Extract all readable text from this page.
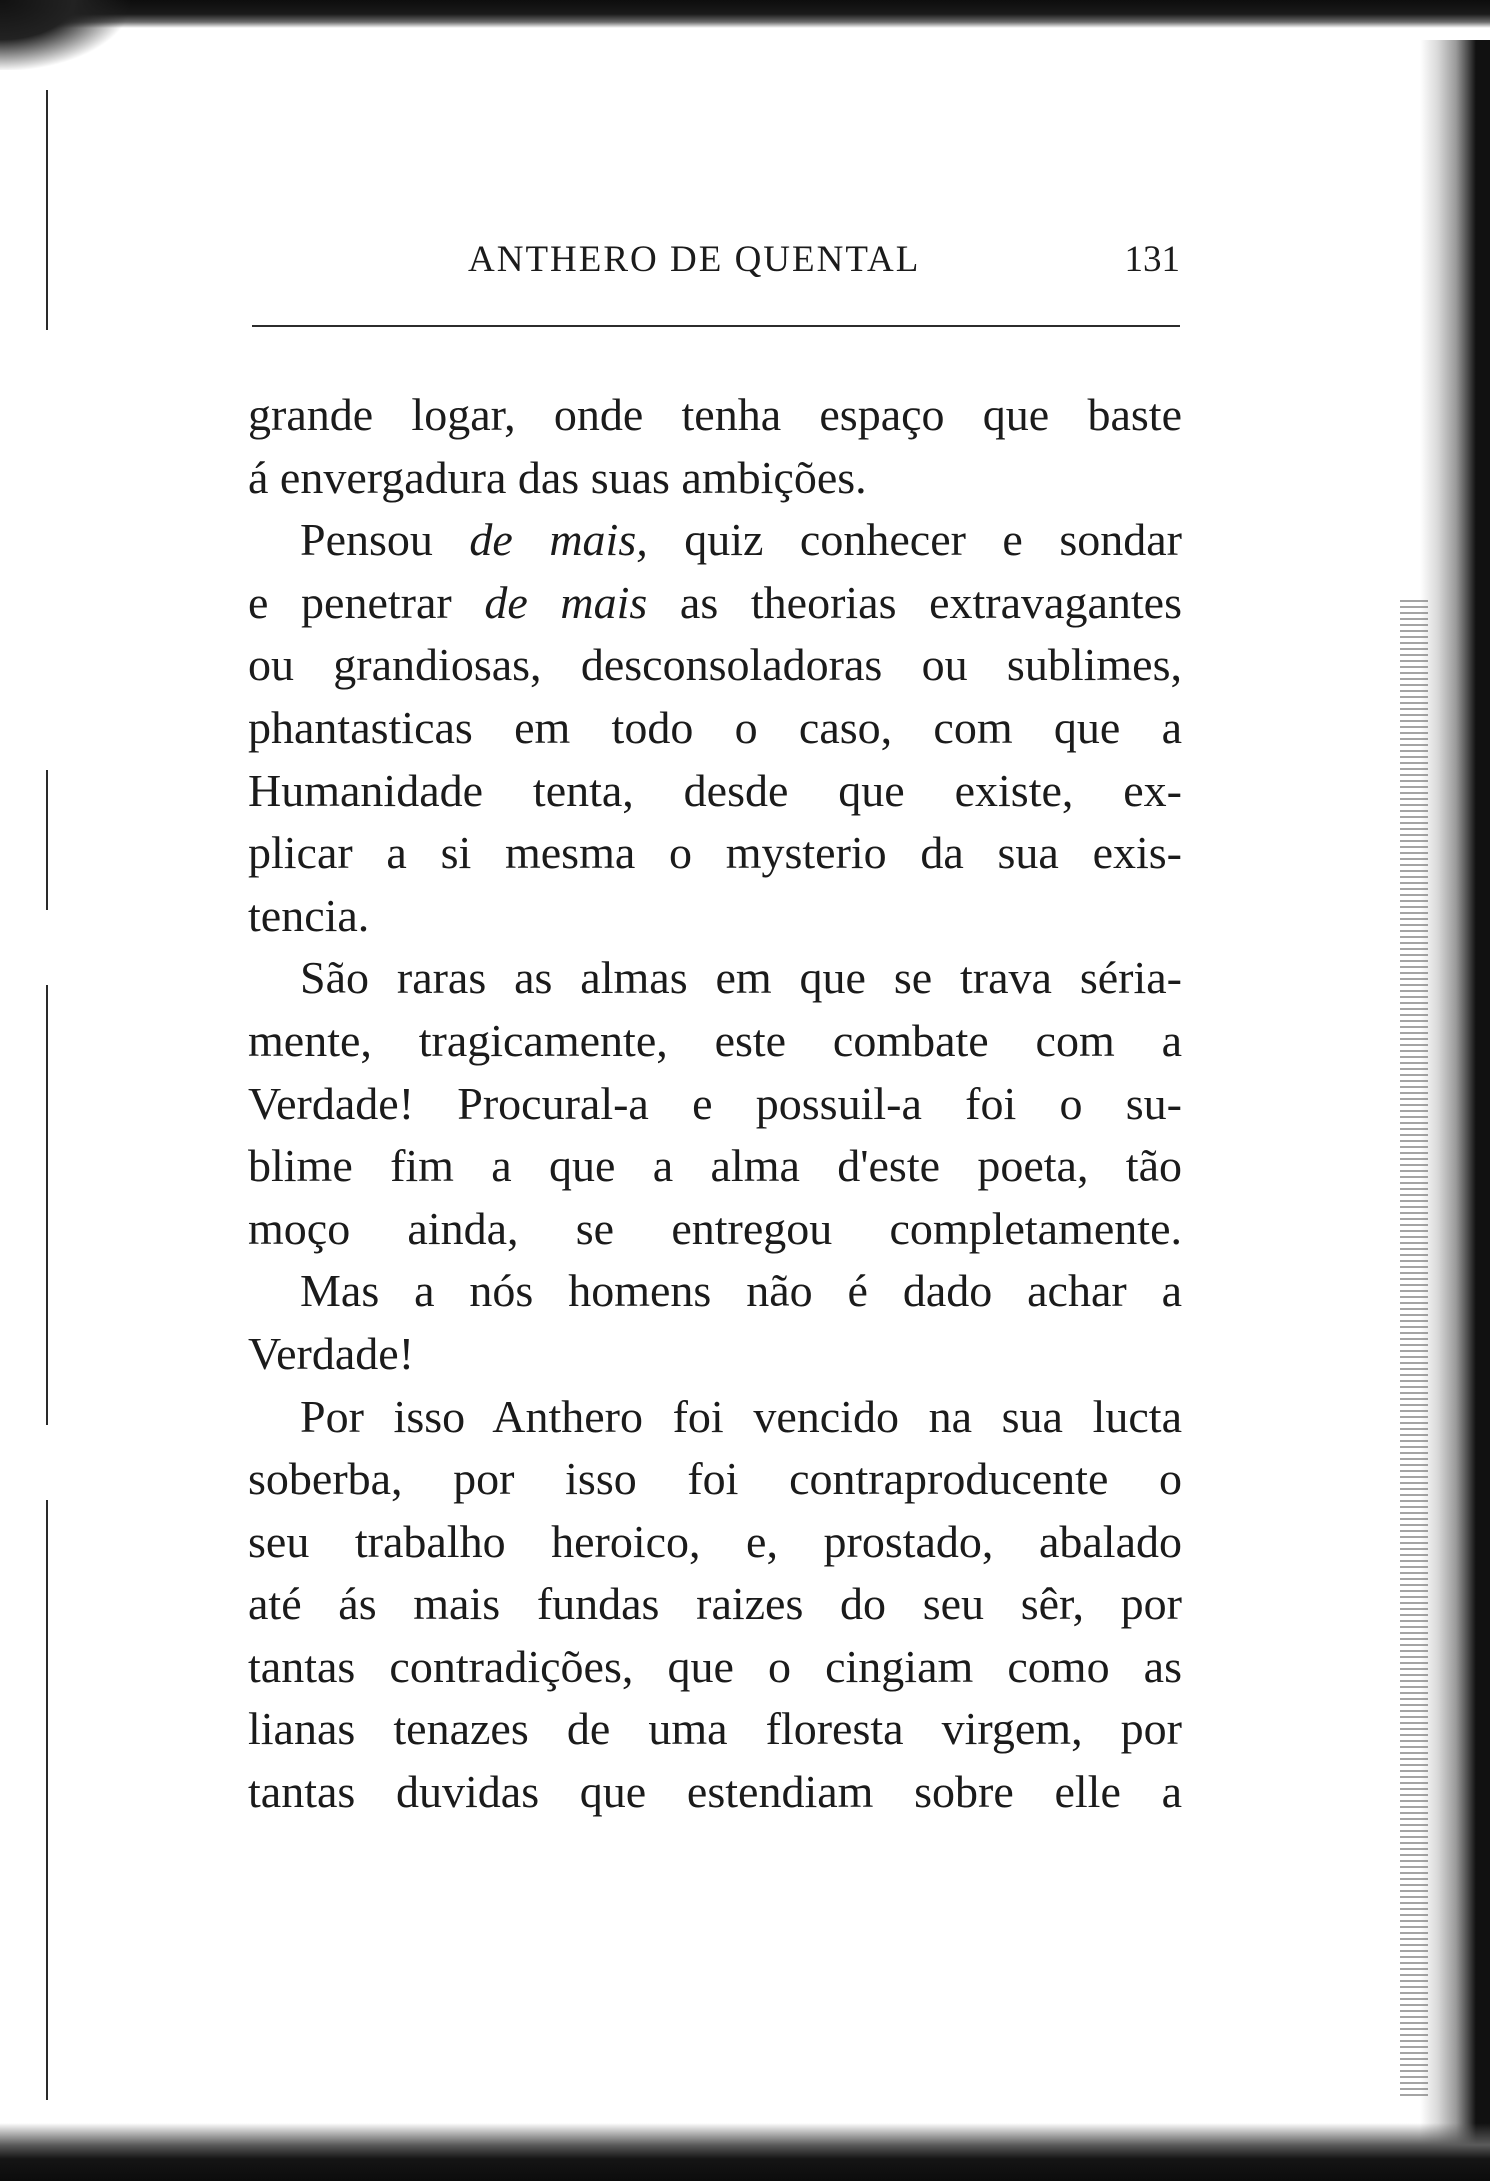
ANTHERO DE QUENTAL	131
grande logar, onde tenha espaço que baste
á envergadura das suas ambições.
Pensou de mais, quiz conhecer e sondar
e penetrar de mais as theorias extravagantes
ou grandiosas, desconsoladoras ou sublimes,
phantasticas em todo o caso, com que a
Humanidade tenta, desde que existe, ex-
plicar a si mesma o mysterio da sua exis-
tencia.
São raras as almas em que se trava séria-
mente, tragicamente, este combate com a
Verdade! Procural-a e possuil-a foi o su-
blime fim a que a alma d'este poeta, tão
moço ainda, se entregou completamente.
Mas a nós homens não é dado achar a
Verdade!
Por isso Anthero foi vencido na sua lucta
soberba, por isso foi contraproducente o
seu trabalho heroico, e, prostado, abalado
até ás mais fundas raizes do seu sêr, por
tantas contradições, que o cingiam como as
lianas tenazes de uma floresta virgem, por
tantas duvidas que estendiam sobre elle a
